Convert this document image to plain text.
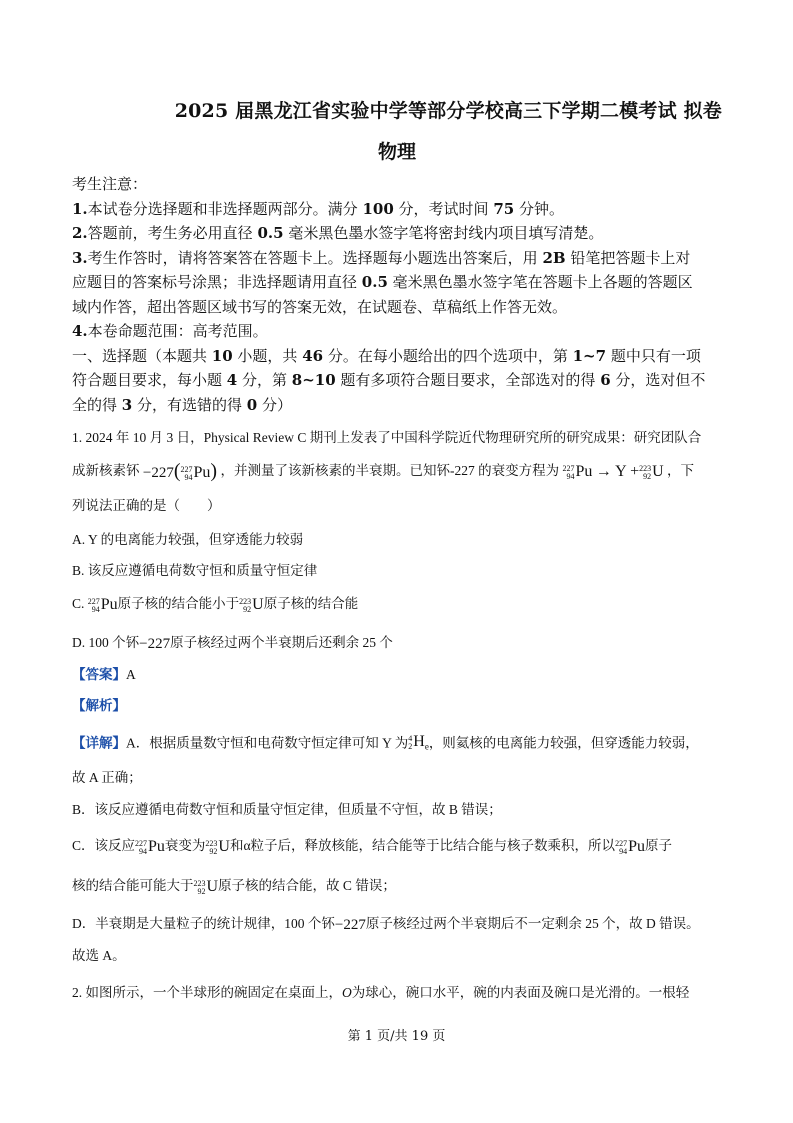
2025 届黑龙江省实验中学等部分学校高三下学期二模考试 拟卷
物理

考生注意：

1.本试卷分选择题和非选择题两部分。满分 100 分，考试时间 75 分钟。

2.答题前，考生务必用直径 0.5 毫米黑色墨水签字笔将密封线内项目填写清楚。

3.考生作答时，请将答案答在答题卡上。选择题每小题选出答案后，用 2B 铅笔把答题卡上对
应题目的答案标号涂黑；非选择题请用直径 0.5 毫米黑色墨水签字笔在答题卡上各题的答题区
域内作答，超出答题区域书写的答案无效，在试题卷、草稿纸上作答无效。

4.本卷命题范围：高考范围。

一、选择题（本题共 10 小题，共 46 分。在每小题给出的四个选项中，第 1~7 题中只有一项
符合题目要求，每小题 4 分，第 8~10 题有多项符合题目要求，全部选对的得 6 分，选对但不
全的得 3 分，有选错的得 0 分）

1. 2024 年 10 月 3 日，Physical Review C 期刊上发表了中国科学院近代物理研究所的研究成果：研究团队合

成新核素钚 −227( 227
94 Pu) ，并测量了该新核素的半衰期。已知钚-227 的衰变方程为 227
94 Pu → Y + 223
92 U ，下

列说法正确的是（　　）
A. Y 的电离能力较强，但穿透能力较弱
B. 该反应遵循电荷数守恒和质量守恒定律
C. 227
94 Pu原子核的结合能小于 223
92 U原子核的结合能
D. 100 个钚−227原子核经过两个半衰期后还剩余 25 个
【答案】A
【解析】
【详解】A．根据质量数守恒和电荷数守恒定律可知 Y 为 4
2 $H_e$，则氦核的电离能力较强，但穿透能力较弱，
故 A 正确；
B．该反应遵循电荷数守恒和质量守恒定律，但质量不守恒，故 B 错误；
C．该反应 227
94 Pu衰变为 223
92 U和α粒子后，释放核能，结合能等于比结合能与核子数乘积，所以 227
94 Pu原子
核的结合能可能大于 223
92 U原子核的结合能，故 C 错误；
D．半衰期是大量粒子的统计规律，100 个钚−227原子核经过两个半衰期后不一定剩余 25 个，故 D 错误。
故选 A。
2. 如图所示，一个半球形的碗固定在桌面上，O为球心，碗口水平，碗的内表面及碗口是光滑的。一根轻
第 1 页/共 19 页
